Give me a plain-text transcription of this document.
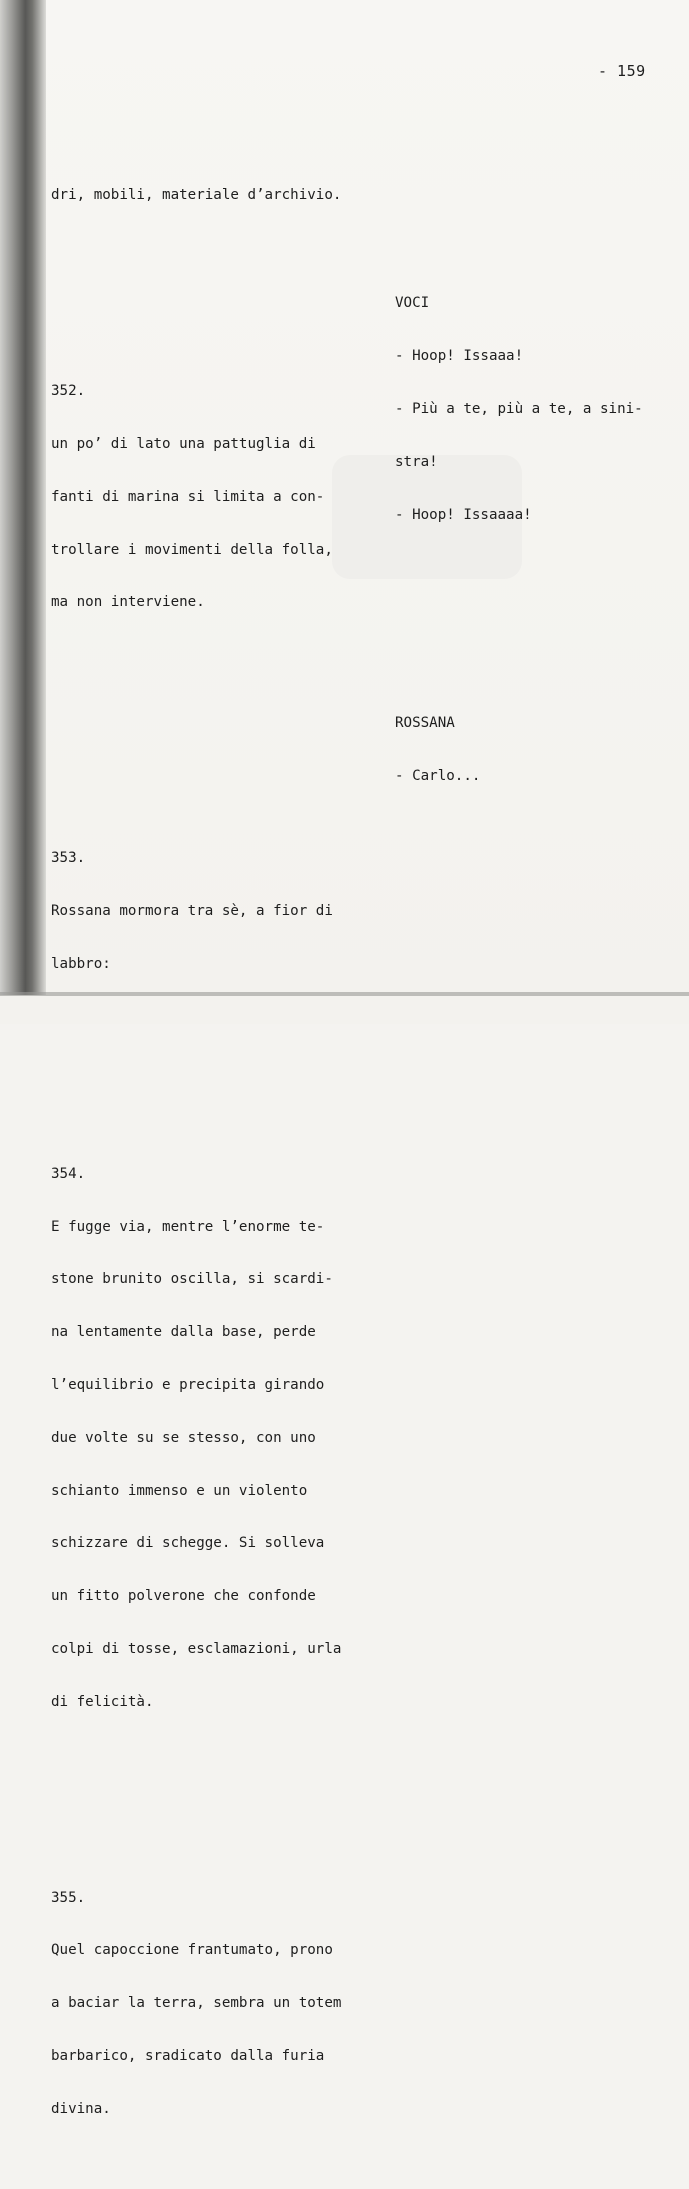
- 159

dri, mobili, materiale d’archivio.

352.

un po’ di lato una pattuglia di

fanti di marina si limita a con-

trollare i movimenti della folla,

ma non interviene.

353.

Rossana mormora tra sè, a fior di

labbro:

354.

E fugge via, mentre l’enorme te-

stone brunito oscilla, si scardi-

na lentamente dalla base, perde

l’equilibrio e precipita girando

due volte su se stesso, con uno

schianto immenso e un violento

schizzare di schegge. Si solleva

un fitto polverone che confonde

colpi di tosse, esclamazioni, urla

di felicità.

355.

Quel capoccione frantumato, prono

a baciar la terra, sembra un totem

barbarico, sradicato dalla furia

divina.

VOCI

- Hoop! Issaaa!

- Più a te, più a te, a sini-

stra!

- Hoop! Issaaaa!

ROSSANA

- Carlo...
